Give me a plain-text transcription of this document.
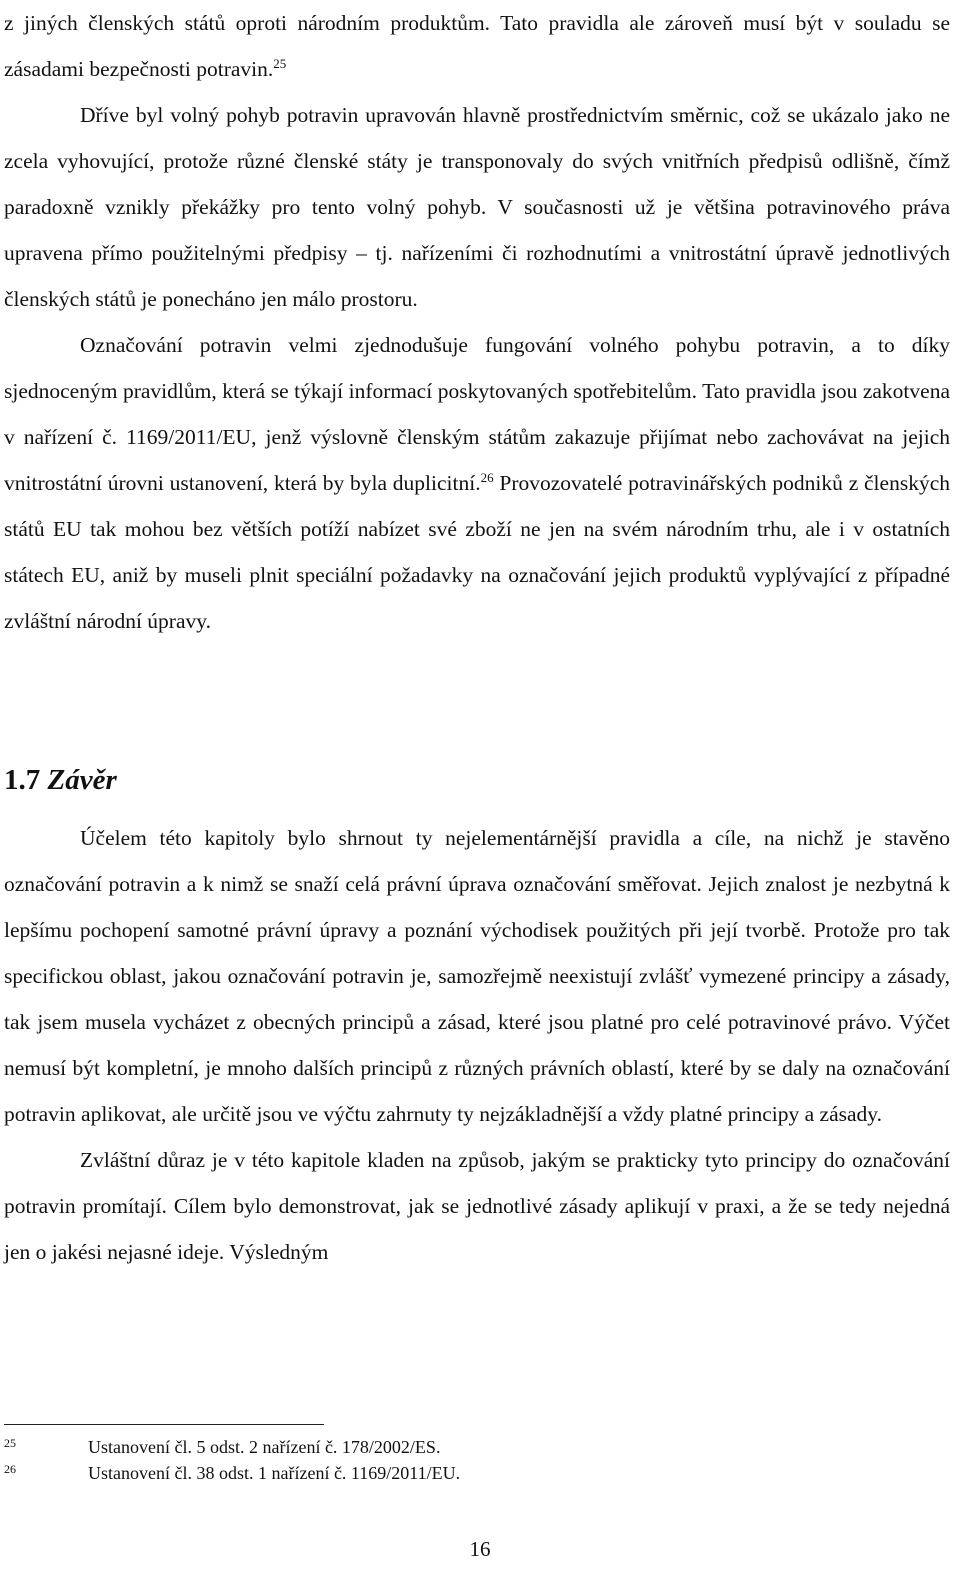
z jiných členských států oproti národním produktům. Tato pravidla ale zároveň musí být v souladu se zásadami bezpečnosti potravin.$^{25}$

Dříve byl volný pohyb potravin upravován hlavně prostřednictvím směrnic, což se ukázalo jako ne zcela vyhovující, protože různé členské státy je transponovaly do svých vnitřních předpisů odlišně, čímž paradoxně vznikly překážky pro tento volný pohyb. V současnosti už je většina potravinového práva upravena přímo použitelnými předpisy – tj. nařízeními či rozhodnutími a vnitrostátní úpravě jednotlivých členských států je ponecháno jen málo prostoru.

Označování potravin velmi zjednodušuje fungování volného pohybu potravin, a to díky sjednoceným pravidlům, která se týkají informací poskytovaných spotřebitelům. Tato pravidla jsou zakotvena v nařízení č. 1169/2011/EU, jenž výslovně členským státům zakazuje přijímat nebo zachovávat na jejich vnitrostátní úrovni ustanovení, která by byla duplicitní.$^{26}$ Provozovatelé potravinářských podniků z členských států EU tak mohou bez větších potíží nabízet své zboží ne jen na svém národním trhu, ale i v ostatních státech EU, aniž by museli plnit speciální požadavky na označování jejich produktů vyplývající z případné zvláštní národní úpravy.

1.7 Závěr

Účelem této kapitoly bylo shrnout ty nejelementárnější pravidla a cíle, na nichž je stavěno označování potravin a k nimž se snaží celá právní úprava označování směřovat. Jejich znalost je nezbytná k lepšímu pochopení samotné právní úpravy a poznání východisek použitých při její tvorbě. Protože pro tak specifickou oblast, jakou označování potravin je, samozřejmě neexistují zvlášť vymezené principy a zásady, tak jsem musela vycházet z obecných principů a zásad, které jsou platné pro celé potravinové právo. Výčet nemusí být kompletní, je mnoho dalších principů z různých právních oblastí, které by se daly na označování potravin aplikovat, ale určitě jsou ve výčtu zahrnuty ty nejzákladnější a vždy platné principy a zásady.

Zvláštní důraz je v této kapitole kladen na způsob, jakým se prakticky tyto principy do označování potravin promítají. Cílem bylo demonstrovat, jak se jednotlivé zásady aplikují v praxi, a že se tedy nejedná jen o jakési nejasné ideje. Výsledným

25	Ustanovení čl. 5 odst. 2 nařízení č. 178/2002/ES.
26	Ustanovení čl. 38 odst. 1 nařízení č. 1169/2011/EU.
16
